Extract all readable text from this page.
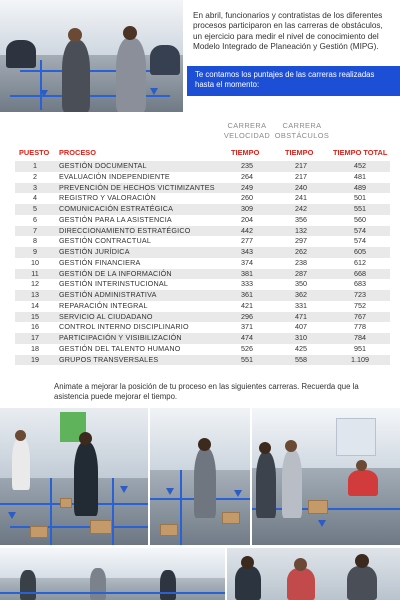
En abril, funcionarios y contratistas de los diferentes procesos participaron en las carreras de obstáculos, un ejercicio para medir el nivel de conocimiento del Modelo Integrado de Planeación y Gestión (MIPG).
Te contamos los puntajes de las carreras realizadas hasta el momento:
CARRERA VELOCIDAD
CARRERA OBSTÁCULOS
PUESTO PROCESO	TIEMPO	TIEMPO	TIEMPO TOTAL
1	GESTIÓN DOCUMENTAL	235	217	452
2	EVALUACIÓN INDEPENDIENTE	264	217	481
3	PREVENCIÓN DE HECHOS VICTIMIZANTES	249	240	489
4	REGISTRO Y VALORACIÓN	260	241	501
5	COMUNICACIÓN ESTRATÉGICA	309	242	551
6	GESTIÓN PARA LA ASISTENCIA	204	356	560
7	DIRECCIONAMIENTO ESTRATÉGICO	442	132	574
8	GESTIÓN CONTRACTUAL	277	297	574
9	GESTIÓN JURÍDICA	343	262	605
10	GESTIÓN FINANCIERA	374	238	612
11	GESTIÓN DE LA INFORMACIÓN	381	287	668
12	GESTIÓN INTERINSTUCIONAL	333	350	683
13	GESTIÓN ADMINISTRATIVA	361	362	723
14	REPARACIÓN INTEGRAL	421	331	752
15	SERVICIO AL CIUDADANO	296	471	767
16	CONTROL INTERNO DISCIPLINARIO	371	407	778
17	PARTICIPACIÓN Y VISIBILIZACIÓN	474	310	784
18	GESTIÓN DEL TALENTO HUMANO	526	425	951
19	GRUPOS TRANSVERSALES	551	558	1.109
Animate a mejorar la posición de tu proceso en las siguientes carreras. Recuerda que la asistencia puede mejorar el tiempo.
